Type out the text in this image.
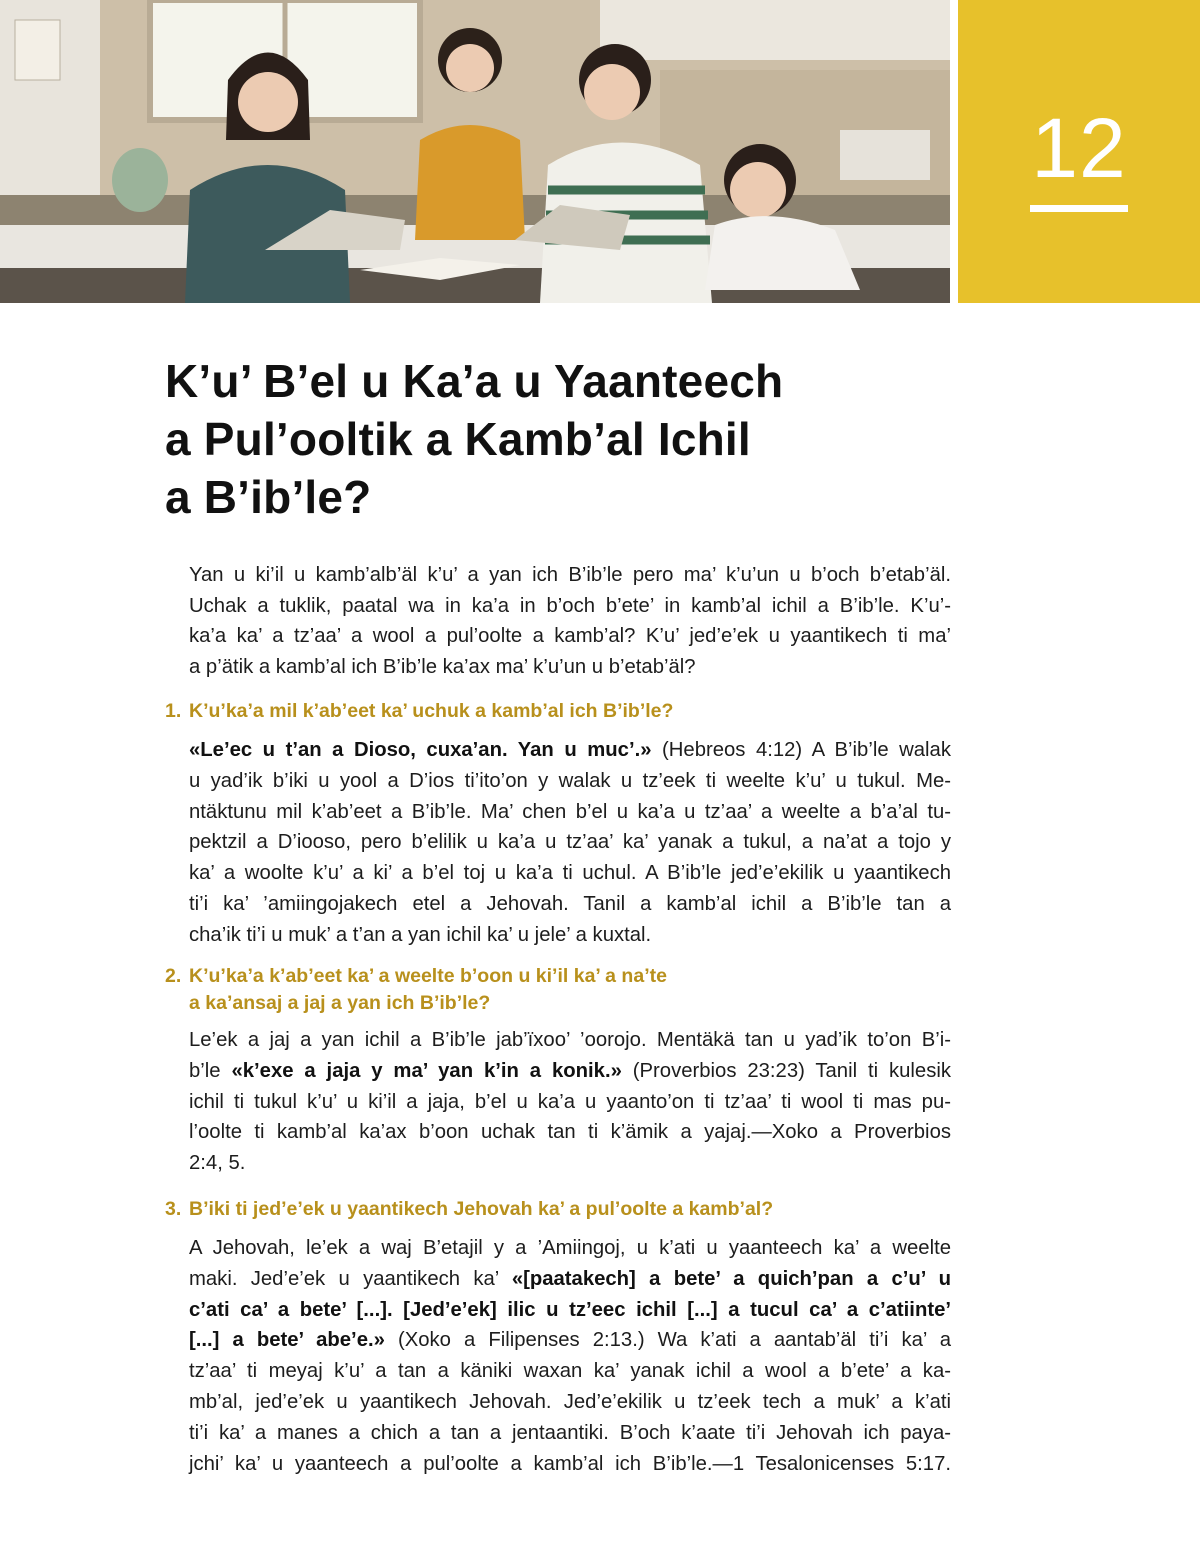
12
K’u’ B’el u Ka’a u Yaanteech
a Pul’ooltik a Kamb’al Ichil
a B’ib’le?

Yan u ki’il u kamb’alb’äl k’u’ a yan ich B’ib’le pero ma’ k’u’un u b’och b’etab’äl.
Uchak a tuklik, paatal wa in ka’a in b’och b’ete’ in kamb’al ichil a B’ib’le. K’u’-
ka’a ka’ a tz’aa’ a wool a pul’oolte a kamb’al? K’u’ jed’e’ek u yaantikech ti ma’
a p’ätik a kamb’al ich B’ib’le ka’ax ma’ k’u’un u b’etab’äl?

1. K’u’ka’a mil k’ab’eet ka’ uchuk a kamb’al ich B’ib’le?

«Le’ec u t’an a Dioso, cuxa’an. Yan u muc’.» (Hebreos 4:12) A B’ib’le walak
u yad’ik b’iki u yool a D’ios ti’ito’on y walak u tz’eek ti weelte k’u’ u tukul. Me-
ntäktunu mil k’ab’eet a B’ib’le. Ma’ chen b’el u ka’a u tz’aa’ a weelte a b’a’al tu-
pektzil a D’iooso, pero b’elilik u ka’a u tz’aa’ ka’ yanak a tukul, a na’at a tojo y
ka’ a woolte k’u’ a ki’ a b’el toj u ka’a ti uchul. A B’ib’le jed’e’ekilik u yaantikech
ti’i ka’ ’amiingojakech etel a Jehovah. Tanil a kamb’al ichil a B’ib’le tan a
cha’ik ti’i u muk’ a t’an a yan ichil ka’ u jele’ a kuxtal.

2. K’u’ka’a k’ab’eet ka’ a weelte b’oon u ki’il ka’ a na’te
a ka’ansaj a jaj a yan ich B’ib’le?

Le’ek a jaj a yan ichil a B’ib’le jab’ïxoo’ ’oorojo. Mentäkä tan u yad’ik to’on B’i-
b’le «k’exe a jaja y ma’ yan k’in a konik.» (Proverbios 23:23) Tanil ti kulesik
ichil ti tukul k’u’ u ki’il a jaja, b’el u ka’a u yaanto’on ti tz’aa’ ti wool ti mas pu-
l’oolte ti kamb’al ka’ax b’oon uchak tan ti k’ämik a yajaj.—Xoko a Proverbios
2:4, 5.

3. B’iki ti jed’e’ek u yaantikech Jehovah ka’ a pul’oolte a kamb’al?

A Jehovah, le’ek a waj B’etajil y a ’Amiingoj, u k’ati u yaanteech ka’ a weelte
maki. Jed’e’ek u yaantikech ka’ «[paatakech] a bete’ a quich’pan a c’u’ u
c’ati ca’ a bete’ [...]. [Jed’e’ek] ilic u tz’eec ichil [...] a tucul ca’ a c’atiinte’
[...] a bete’ abe’e.» (Xoko a Filipenses 2:13.) Wa k’ati a aantab’äl ti’i ka’ a
tz’aa’ ti meyaj k’u’ a tan a käniki waxan ka’ yanak ichil a wool a b’ete’ a ka-
mb’al, jed’e’ek u yaantikech Jehovah. Jed’e’ekilik u tz’eek tech a muk’ a k’ati
ti’i ka’ a manes a chich a tan a jentaantiki. B’och k’aate ti’i Jehovah ich paya-
jchi’ ka’ u yaanteech a pul’oolte a kamb’al ich B’ib’le.—1 Tesalonicenses 5:17.
